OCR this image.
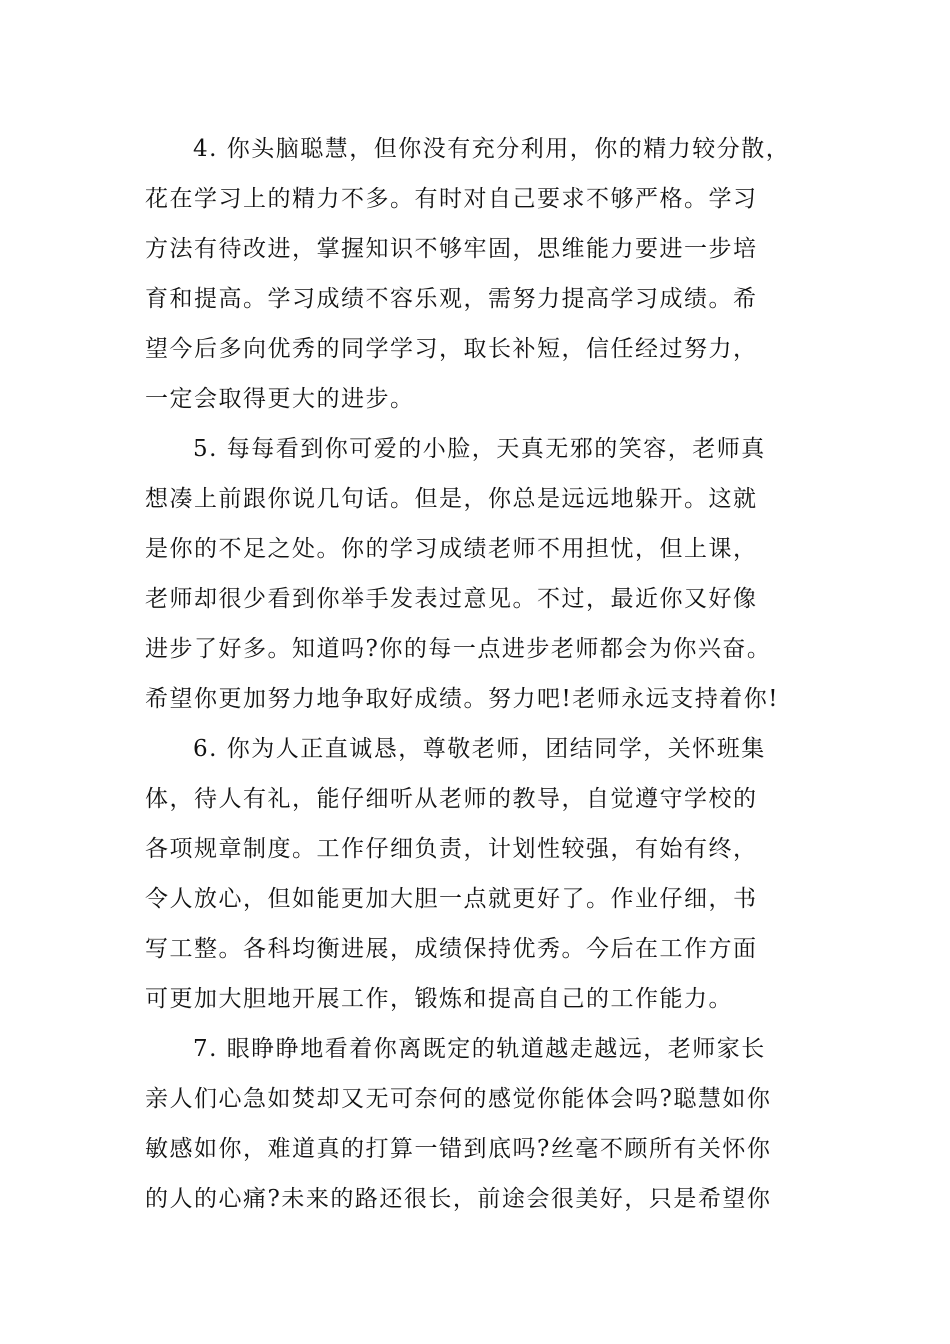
4. 你头脑聪慧，但你没有充分利用，你的精力较分散，
花在学习上的精力不多。有时对自己要求不够严格。学习
方法有待改进，掌握知识不够牢固，思维能力要进一步培
育和提高。学习成绩不容乐观，需努力提高学习成绩。希
望今后多向优秀的同学学习，取长补短，信任经过努力，
一定会取得更大的进步。
5. 每每看到你可爱的小脸，天真无邪的笑容，老师真
想凑上前跟你说几句话。但是，你总是远远地躲开。这就
是你的不足之处。你的学习成绩老师不用担忧，但上课，
老师却很少看到你举手发表过意见。不过，最近你又好像
进步了好多。知道吗?你的每一点进步老师都会为你兴奋。
希望你更加努力地争取好成绩。努力吧!老师永远支持着你!
6. 你为人正直诚恳，尊敬老师，团结同学，关怀班集
体，待人有礼，能仔细听从老师的教导，自觉遵守学校的
各项规章制度。工作仔细负责，计划性较强，有始有终，
令人放心，但如能更加大胆一点就更好了。作业仔细，书
写工整。各科均衡进展，成绩保持优秀。今后在工作方面
可更加大胆地开展工作，锻炼和提高自己的工作能力。
7. 眼睁睁地看着你离既定的轨道越走越远，老师家长
亲人们心急如焚却又无可奈何的感觉你能体会吗?聪慧如你
敏感如你，难道真的打算一错到底吗?丝毫不顾所有关怀你
的人的心痛?未来的路还很长，前途会很美好，只是希望你
